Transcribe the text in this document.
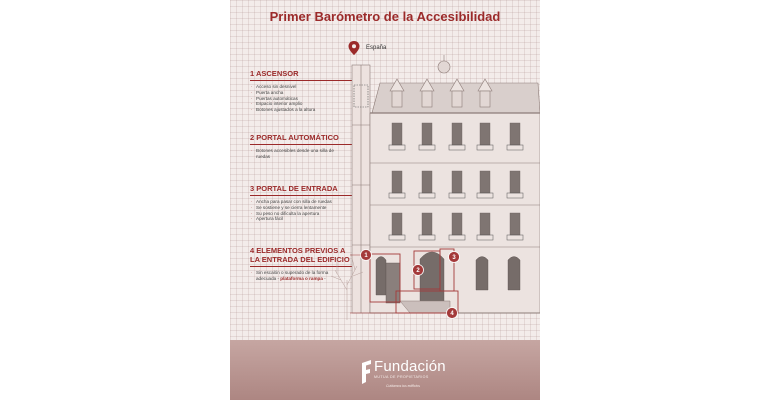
Primer Barómetro de la Accesibilidad
España
1 ASCENSOR
· Acceso sin desnivel
· Puerta ancha
· Puertas automáticas
· Espacio interior amplio
· Botones ajustados a la altura
2 PORTAL AUTOMÁTICO
· Botones accesibles desde una silla de ruedas
3 PORTAL DE ENTRADA
· Ancha para pasar con silla de ruedas
· Se sostiene y se cierra lentamente
· Su peso no dificulta la apertura
· Apertura fácil
4 ELEMENTOS PREVIOS A
LA ENTRADA DEL EDIFICIO
· Sin escalón o superado de la forma adecuada - plataforma o rampa -
1
2
3
4
Fundación
MUTUA DE PROPIETARIOS
Cuidamos tus edificios
